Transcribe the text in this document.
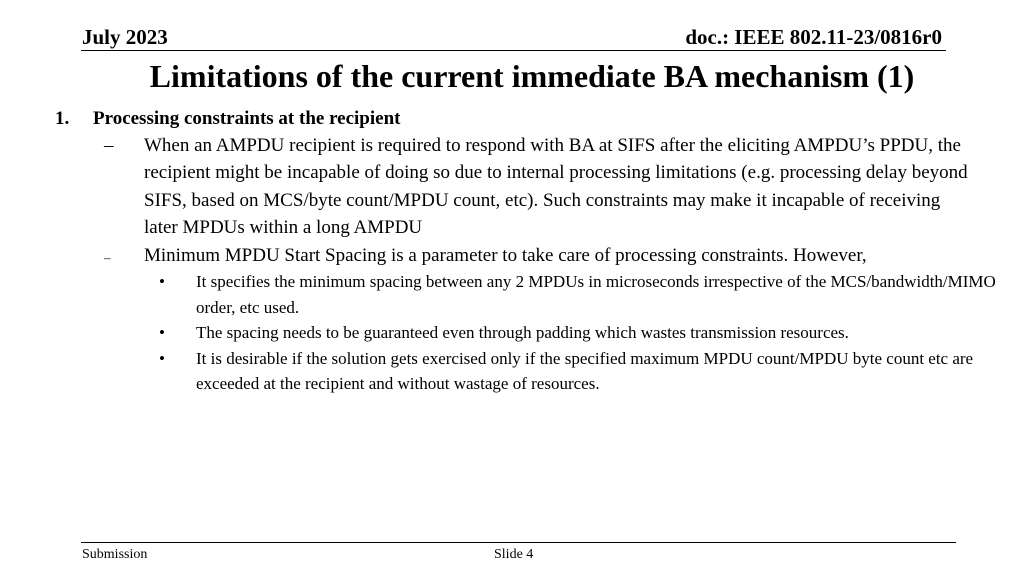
July 2023	doc.: IEEE 802.11-23/0816r0
Limitations of the current immediate BA mechanism (1)
1. Processing constraints at the recipient
– When an AMPDU recipient is required to respond with BA at SIFS after the eliciting AMPDU’s PPDU, the recipient might be incapable of doing so due to internal processing limitations (e.g. processing delay beyond SIFS, based on MCS/byte count/MPDU count, etc). Such constraints may make it incapable of receiving later MPDUs within a long AMPDU
– Minimum MPDU Start Spacing is a parameter to take care of processing constraints. However,
• It specifies the minimum spacing between any 2 MPDUs in microseconds irrespective of the MCS/bandwidth/MIMO order, etc used.
• The spacing needs to be guaranteed even through padding which wastes transmission resources.
• It is desirable if the solution gets exercised only if the specified maximum MPDU count/MPDU byte count etc are exceeded at the recipient and without wastage of resources.
Submission	Slide 4
